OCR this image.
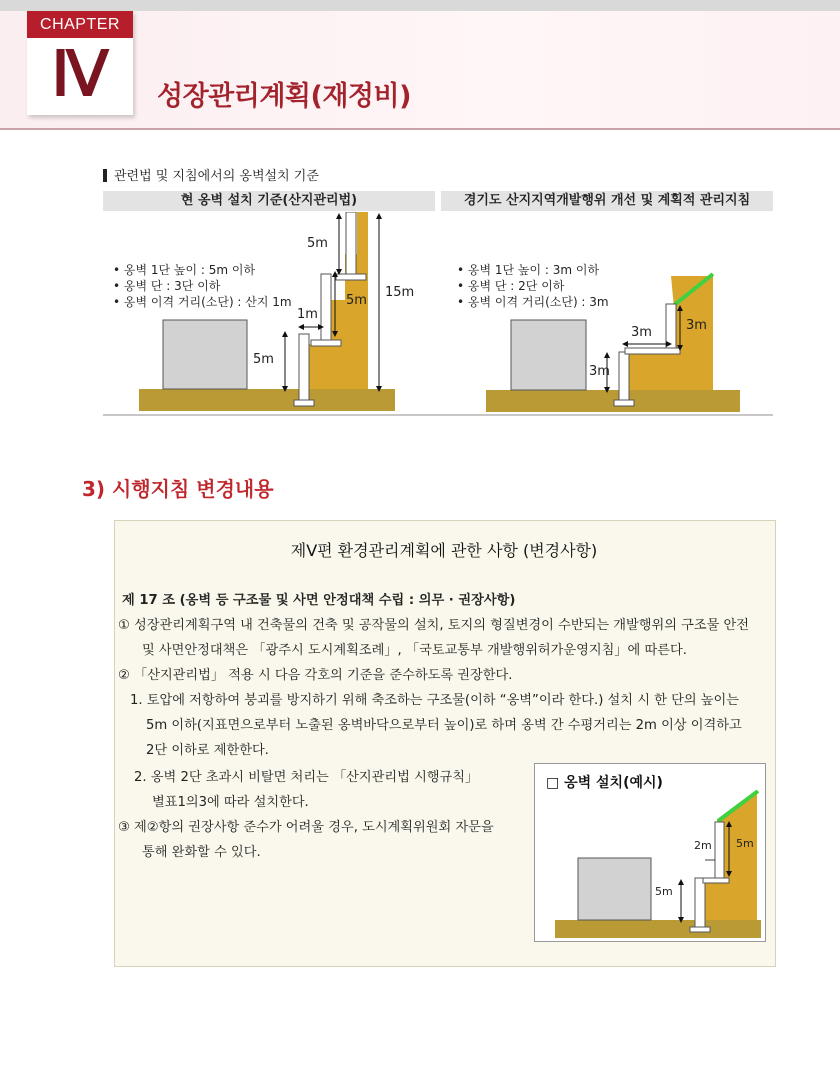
CHAPTER
Ⅳ	성장관리계획(재정비)
관련법 및 지침에서의 옹벽설치 기준
현 옹벽 설치 기준(산지관리법)	경기도 산지지역개발행위 개선 및 계획적 관리지침
• 옹벽 1단 높이 : 5m 이하
• 옹벽 단 : 3단 이하
• 옹벽 이격 거리(소단) : 산지 1m
5m
5m
15m
1m
5m
• 옹벽 1단 높이 : 3m 이하
• 옹벽 단 : 2단 이하
• 옹벽 이격 거리(소단) : 3m
3m
3m
3m
3) 시행지침 변경내용
제Ⅴ편 환경관리계획에 관한 사항 (변경사항)
제 17 조 (옹벽 등 구조물 및 사면 안정대책 수립 : 의무 · 권장사항)
① 성장관리계획구역 내 건축물의 건축 및 공작물의 설치, 토지의 형질변경이 수반되는 개발행위의 구조물 안전
및 사면안정대책은 「광주시 도시계획조례」, 「국토교통부 개발행위허가운영지침」에 따른다.
② 「산지관리법」 적용 시 다음 각호의 기준을 준수하도록 권장한다.
1. 토압에 저항하여 붕괴를 방지하기 위해 축조하는 구조물(이하 “옹벽”이라 한다.) 설치 시 한 단의 높이는
5m 이하(지표면으로부터 노출된 옹벽바닥으로부터 높이)로 하며 옹벽 간 수평거리는 2m 이상 이격하고
2단 이하로 제한한다.
2. 옹벽 2단 초과시 비탈면 처리는 「산지관리법 시행규칙」
별표1의3에 따라 설치한다.
③ 제②항의 권장사항 준수가 어려울 경우, 도시계획위원회 자문을
통해 완화할 수 있다.
□ 옹벽 설치(예시)
2m 5m
5m
